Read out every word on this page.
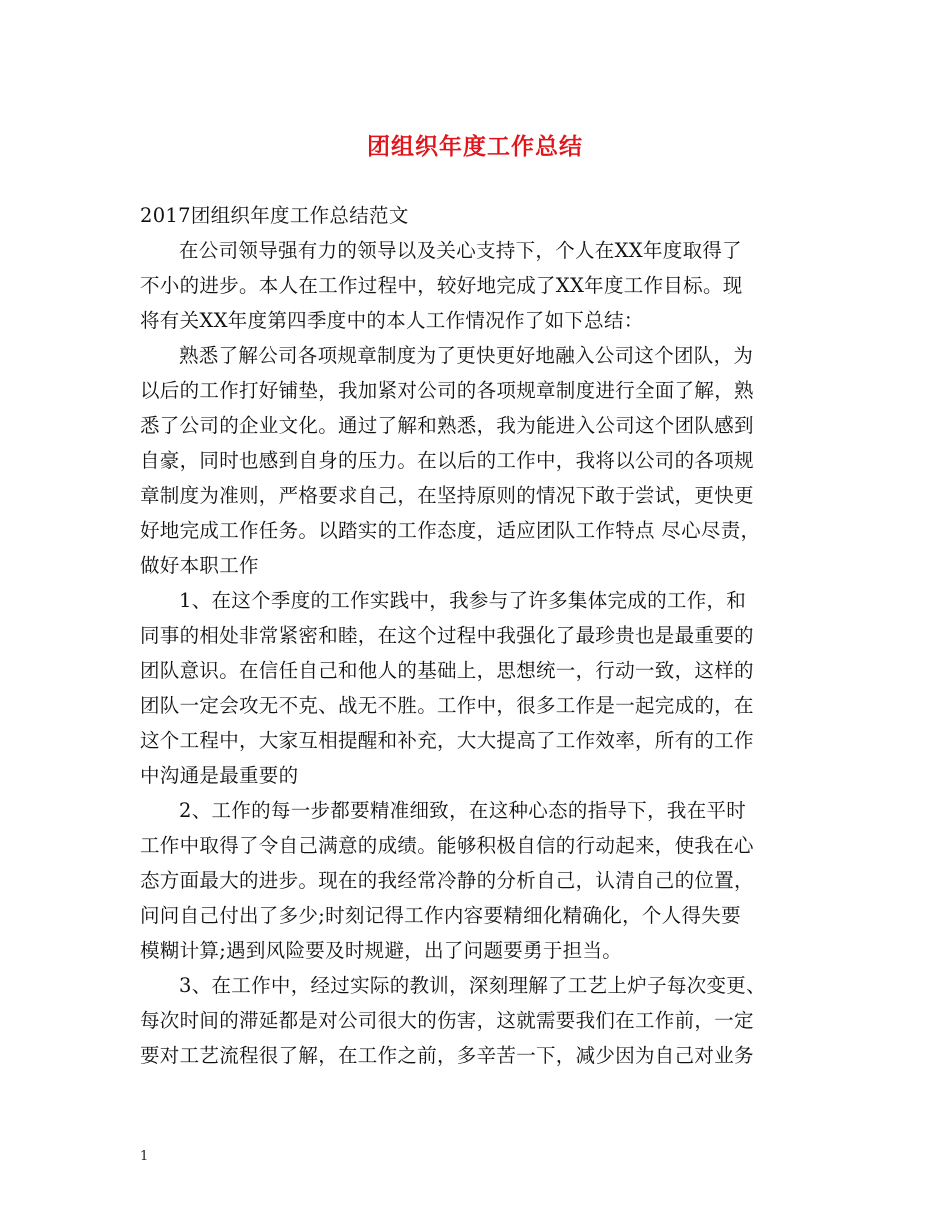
团组织年度工作总结
2017团组织年度工作总结范文
在公司领导强有力的领导以及关心支持下，个人在XX年度取得了
不小的进步。本人在工作过程中，较好地完成了XX年度工作目标。现
将有关XX年度第四季度中的本人工作情况作了如下总结：
熟悉了解公司各项规章制度为了更快更好地融入公司这个团队，为
以后的工作打好铺垫，我加紧对公司的各项规章制度进行全面了解，熟
悉了公司的企业文化。通过了解和熟悉，我为能进入公司这个团队感到
自豪，同时也感到自身的压力。在以后的工作中，我将以公司的各项规
章制度为准则，严格要求自己，在坚持原则的情况下敢于尝试，更快更
好地完成工作任务。以踏实的工作态度，适应团队工作特点 尽心尽责，
做好本职工作
1、在这个季度的工作实践中，我参与了许多集体完成的工作，和
同事的相处非常紧密和睦，在这个过程中我强化了最珍贵也是最重要的
团队意识。在信任自己和他人的基础上，思想统一，行动一致，这样的
团队一定会攻无不克、战无不胜。工作中，很多工作是一起完成的，在
这个工程中，大家互相提醒和补充，大大提高了工作效率，所有的工作
中沟通是最重要的
2、工作的每一步都要精准细致，在这种心态的指导下，我在平时
工作中取得了令自己满意的成绩。能够积极自信的行动起来，使我在心
态方面最大的进步。现在的我经常冷静的分析自己，认清自己的位置，
问问自己付出了多少;时刻记得工作内容要精细化精确化，个人得失要
模糊计算;遇到风险要及时规避，出了问题要勇于担当。
3、在工作中，经过实际的教训，深刻理解了工艺上炉子每次变更、
每次时间的滞延都是对公司很大的伤害，这就需要我们在工作前，一定
要对工艺流程很了解，在工作之前，多辛苦一下，减少因为自己对业务
1
